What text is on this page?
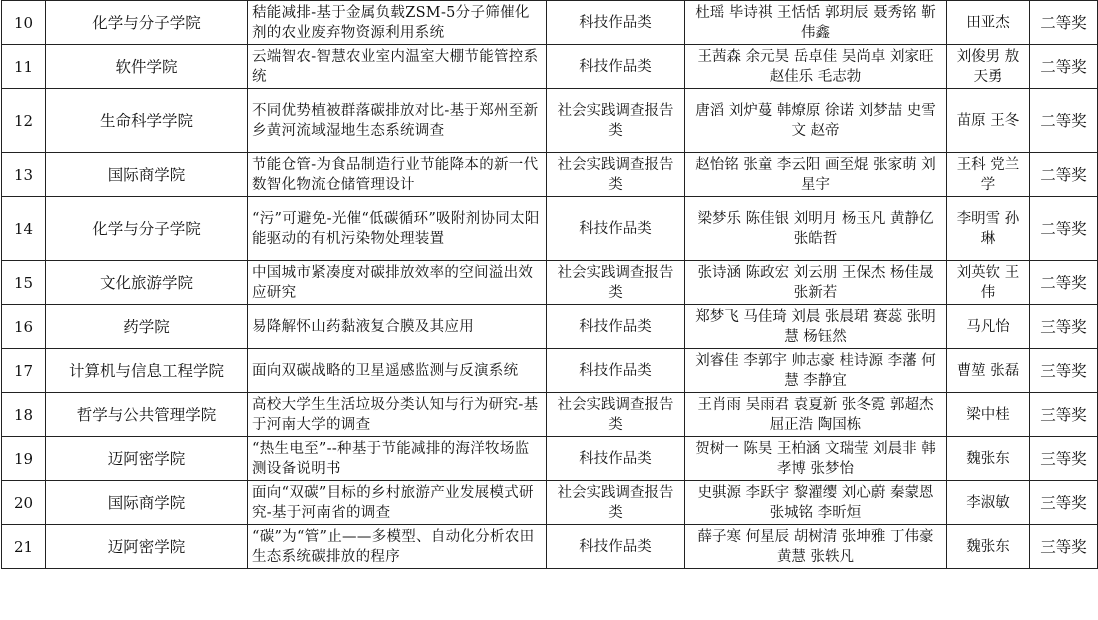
10	化学与分子学院	秸能减排-基于金属负载ZSM-5分子筛催化剂的农业废弃物资源利用系统	科技作品类	杜瑶 毕诗祺 王恬恬 郭玥辰 聂秀铭 靳伟鑫	田亚杰	二等奖
11	软件学院	云端智农-智慧农业室内温室大棚节能管控系统	科技作品类	王茜森 余元昊 岳卓佳 吴尚卓 刘家旺 赵佳乐 毛志勃	刘俊男 敖天勇	二等奖
12	生命科学学院	不同优势植被群落碳排放对比-基于郑州至新乡黄河流域湿地生态系统调查	社会实践调查报告类	唐滔 刘炉蔓 韩燎原 徐诺 刘梦喆 史雪文 赵帝	苗原 王冬	二等奖
13	国际商学院	节能仓管-为食品制造行业节能降本的新一代数智化物流仓储管理设计	社会实践调查报告类	赵怡铭 张童 李云阳 画至焜 张家萌 刘星宇	王科 党兰学	二等奖
14	化学与分子学院	“污”可避免-光催“低碳循环”吸附剂协同太阳能驱动的有机污染物处理装置	科技作品类	梁梦乐 陈佳银 刘明月 杨玉凡 黄静亿 张皓哲	李明雪 孙琳	二等奖
15	文化旅游学院	中国城市紧凑度对碳排放效率的空间溢出效应研究	社会实践调查报告类	张诗涵 陈政宏 刘云朋 王保杰 杨佳晟 张新若	刘英钦 王伟	二等奖
16	药学院	易降解怀山药黏液复合膜及其应用	科技作品类	郑梦飞 马佳琦 刘晨 张晨珺 赛蕊 张明慧 杨钰然	马凡怡	三等奖
17	计算机与信息工程学院	面向双碳战略的卫星遥感监测与反演系统	科技作品类	刘睿佳 李郭宇 帅志豪 桂诗源 李藩 何慧 李静宜	曹堃 张磊	三等奖
18	哲学与公共管理学院	高校大学生生活垃圾分类认知与行为研究-基于河南大学的调查	社会实践调查报告类	王肖雨 吴雨君 袁夏新 张冬霓 郭超杰 屈正浩 陶国栋	梁中桂	三等奖
19	迈阿密学院	“热生电至”--种基于节能减排的海洋牧场监测设备说明书	科技作品类	贺树一 陈昊 王柏涵 文瑞莹 刘晨非 韩孝博 张梦怡	魏张东	三等奖
20	国际商学院	面向“双碳”目标的乡村旅游产业发展模式研究-基于河南省的调查	社会实践调查报告类	史骐源 李跃宇 黎濯缨 刘心蔚 秦蒙恩 张城铭 李昕烜	李淑敏	三等奖
21	迈阿密学院	“碳”为“管”止——多模型、自动化分析农田生态系统碳排放的程序	科技作品类	薛子寒 何星辰 胡树清 张坤雅 丁伟豪 黄慧 张轶凡	魏张东	三等奖
